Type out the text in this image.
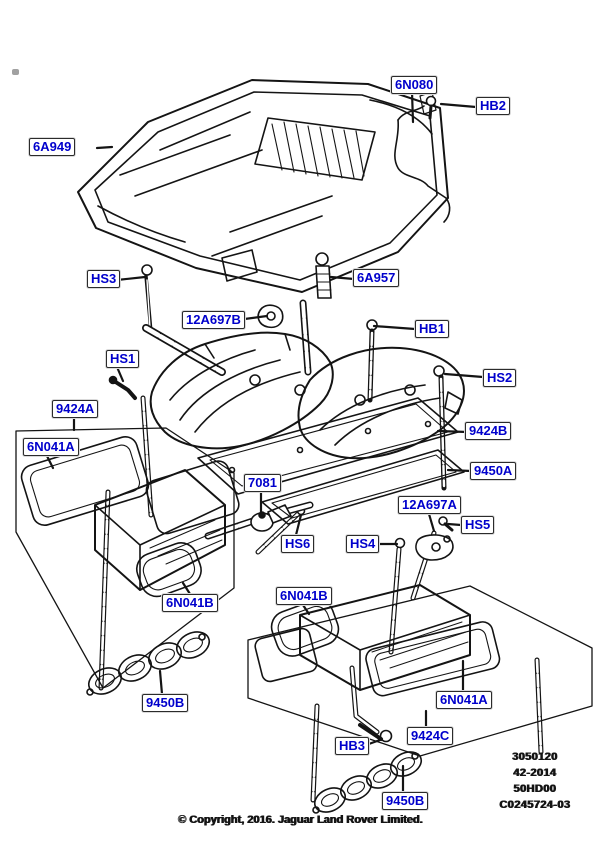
6A949
6N080
HB2
HS3	6A957
12A697B
HB1
HS1
HS2
9424A
6N041A
9424B
9450A
7081
12A697A
HS5
HS6	HS4
6N041B	6N041B
9450B	6N041A
9424C
HB3
9450B
3050120
42-2014
50HD00
C0245724-03
© Copyright, 2016. Jaguar Land Rover Limited.
